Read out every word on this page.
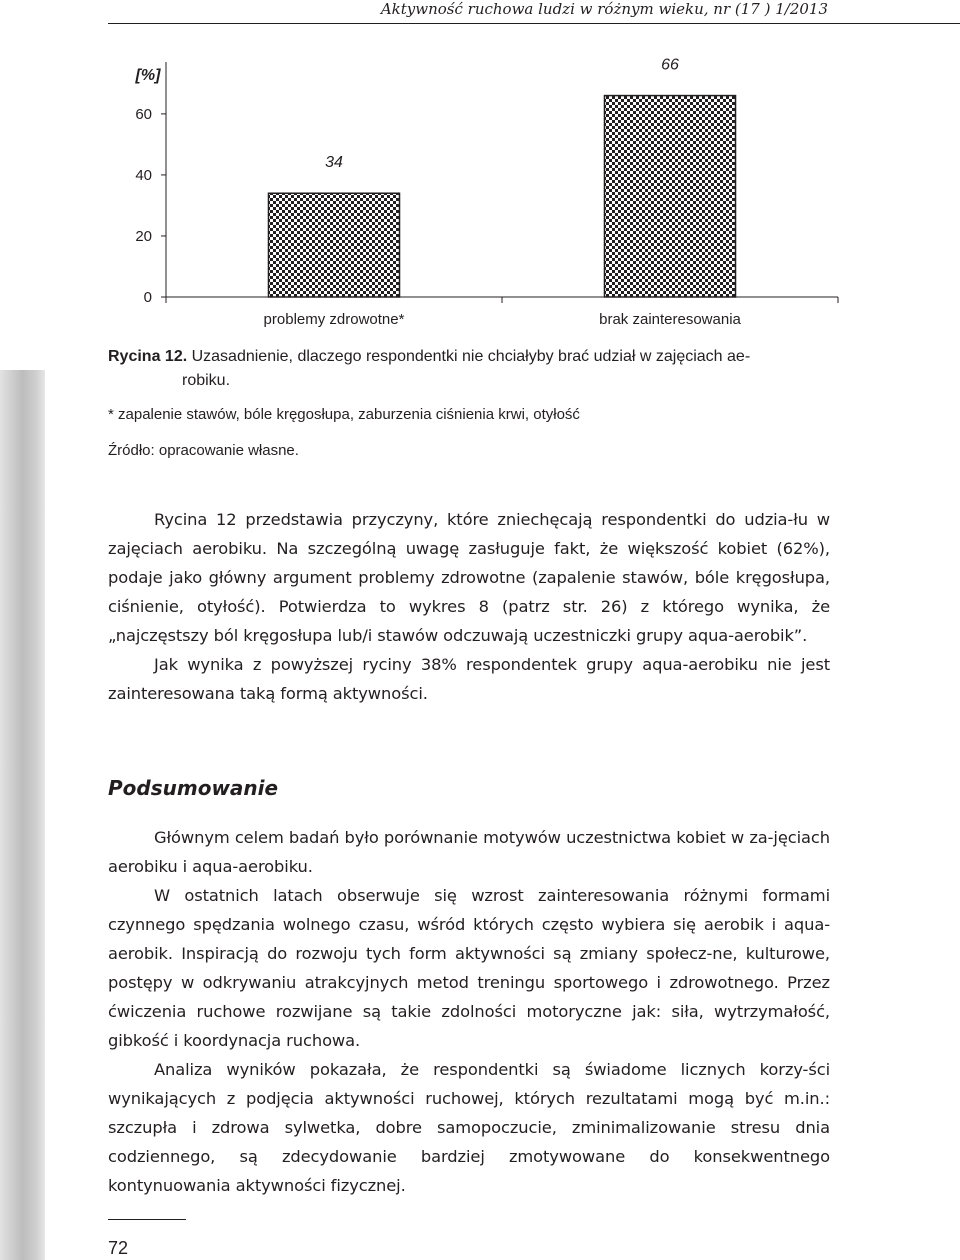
Aktywność ruchowa ludzi w różnym wieku, nr (17 ) 1/2013
[%]
0
20
40
60
34
problemy zdrowotne*
66
brak zainteresowania
Rycina 12. Uzasadnienie, dlaczego respondentki nie chciałyby brać udział w zajęciach ae-
robiku.
* zapalenie stawów, bóle kręgosłupa, zaburzenia ciśnienia krwi, otyłość
Źródło: opracowanie własne.

Rycina 12 przedstawia przyczyny, które zniechęcają respondentki do udzia-łu w zajęciach aerobiku. Na szczególną uwagę zasługuje fakt, że większość kobiet (62%), podaje jako główny argument problemy zdrowotne (zapalenie stawów, bóle kręgosłupa, ciśnienie, otyłość). Potwierdza to wykres 8 (patrz str. 26) z którego wynika, że „najczęstszy ból kręgosłupa lub/i stawów odczuwają uczestniczki grupy aqua-aerobik”.

Jak wynika z powyższej ryciny 38% respondentek grupy aqua-aerobiku nie jest zainteresowana taką formą aktywności.

Podsumowanie

Głównym celem badań było porównanie motywów uczestnictwa kobiet w za-jęciach aerobiku i aqua-aerobiku.

W ostatnich latach obserwuje się wzrost zainteresowania różnymi formami czynnego spędzania wolnego czasu, wśród których często wybiera się aerobik i aqua-aerobik. Inspiracją do rozwoju tych form aktywności są zmiany społecz-ne, kulturowe, postępy w odkrywaniu atrakcyjnych metod treningu sportowego i zdrowotnego. Przez ćwiczenia ruchowe rozwijane są takie zdolności motoryczne jak: siła, wytrzymałość, gibkość i koordynacja ruchowa.

Analiza wyników pokazała, że respondentki są świadome licznych korzy-ści wynikających z podjęcia aktywności ruchowej, których rezultatami mogą być m.in.: szczupła i zdrowa sylwetka, dobre samopoczucie, zminimalizowanie stresu dnia codziennego, są zdecydowanie bardziej zmotywowane do konsekwentnego kontynuowania aktywności fizycznej.

72
